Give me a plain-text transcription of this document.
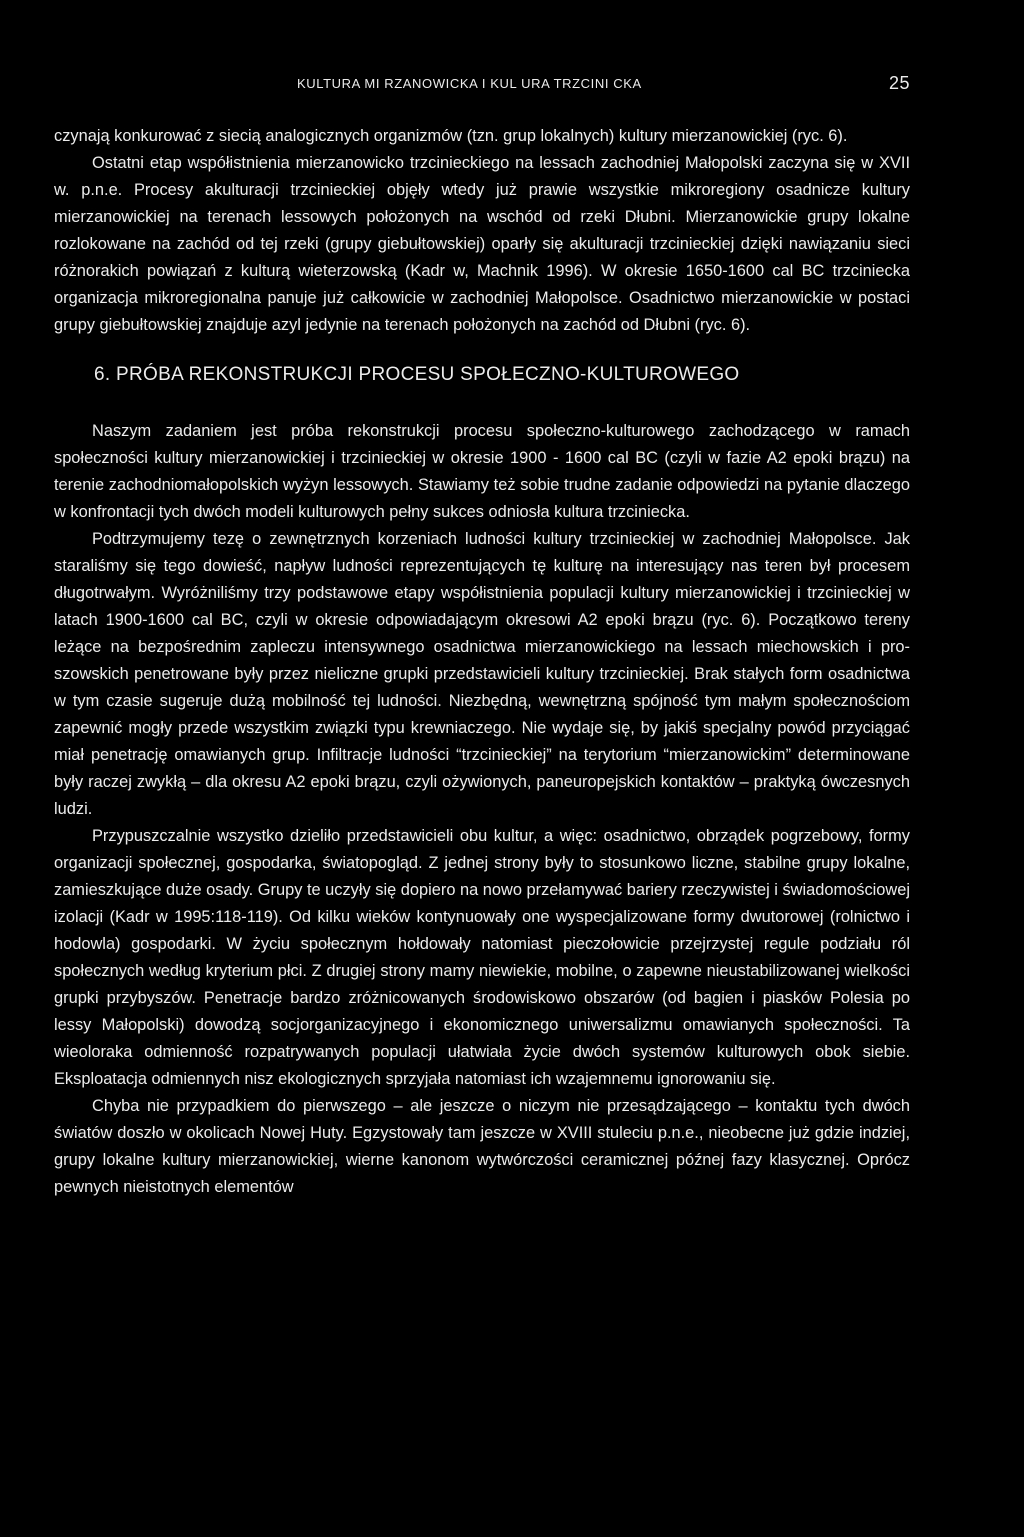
KULTURA MI RZANOWICKA I KUL URA TRZCINI CKA	25

czynają konkurować z siecią analogicznych organizmów (tzn. grup lokalnych) kultury mierzanowickiej (ryc. 6).

Ostatni etap współistnienia mierzanowicko trzcinieckiego na lessach zachodniej Małopolski zaczyna się w XVII w. p.n.e. Procesy akulturacji trzcinieckiej objęły wtedy już prawie wszystkie mikroregiony osadnicze kultury mierzanowickiej na terenach lessowych położonych na wschód od rzeki Dłubni. Mierzanowickie grupy lokalne rozlokowane na zachód od tej rzeki (grupy giebułtowskiej) oparły się akulturacji trzcinieckiej dzięki nawiązaniu sieci różnorakich powiązań z kulturą wieterzowską (Kadr w, Machnik 1996). W okresie 1650-1600 cal BC trzciniecka organizacja mikroregionalna panuje już całkowicie w zachodniej Małopolsce. Osadnictwo mierzanowickie w postaci grupy giebułtowskiej znajduje azyl jedynie na terenach położonych na zachód od Dłubni (ryc. 6).

6. PRÓBA REKONSTRUKCJI PROCESU SPOŁECZNO-KULTUROWEGO

Naszym zadaniem jest próba rekonstrukcji procesu społeczno-kulturowego zachodzącego w ramach społeczności kultury mierzanowickiej i trzcinieckiej w okresie 1900 - 1600 cal BC (czyli w fazie A2 epoki brązu) na terenie zachodniomałopolskich wyżyn lessowych. Stawiamy też sobie trudne zadanie odpowiedzi na pytanie dlaczego w konfrontacji tych dwóch modeli kulturowych pełny sukces odniosła kultura trzciniecka.

Podtrzymujemy tezę o zewnętrznych korzeniach ludności kultury trzcinieckiej w zachodniej Małopolsce. Jak staraliśmy się tego dowieść, napływ ludności reprezentujących tę kulturę na interesujący nas teren był procesem długotrwałym. Wyróżniliśmy trzy podstawowe etapy współistnienia populacji kultury mierzanowickiej i trzcinieckiej w latach 1900-1600 cal BC, czyli w okresie odpowiadającym okresowi A2 epoki brązu (ryc. 6). Początkowo tereny leżące na bezpośrednim zapleczu intensywnego osadnictwa mierzanowickiego na lessach miechowskich i proszowskich penetrowane były przez nieliczne grupki przedstawicieli kultury trzcinieckiej. Brak stałych form osadnictwa w tym czasie sugeruje dużą mobilność tej ludności. Niezbędną, wewnętrzną spójność tym małym społecznościom zapewnić mogły przede wszystkim związki typu krewniaczego. Nie wydaje się, by jakiś specjalny powód przyciągać miał penetrację omawianych grup. Infiltracje ludności “trzcinieckiej” na terytorium “mierzanowickim” determinowane były raczej zwykłą – dla okresu A2 epoki brązu, czyli ożywionych, paneuropejskich kontaktów – praktyką ówczesnych ludzi.

Przypuszczalnie wszystko dzieliło przedstawicieli obu kultur, a więc: osadnictwo, obrządek pogrzebowy, formy organizacji społecznej, gospodarka, światopogląd. Z jednej strony były to stosunkowo liczne, stabilne grupy lokalne, zamieszkujące duże osady. Grupy te uczyły się dopiero na nowo przełamywać bariery rzeczywistej i świadomościowej izolacji (Kadr w 1995:118-119). Od kilku wieków kontynuowały one wyspecjalizowane formy dwutorowej (rolnictwo i hodowla) gospodarki. W życiu społecznym hołdowały natomiast pieczołowicie przejrzystej regule podziału ról społecznych według kryterium płci. Z drugiej strony mamy niewiekie, mobilne, o zapewne nieustabilizowanej wielkości grupki przybyszów. Penetracje bardzo zróżnicowanych środowiskowo obszarów (od bagien i piasków Polesia po lessy Małopolski) dowodzą socjorganizacyjnego i ekonomicznego uniwersalizmu omawianych społeczności. Ta wieoloraka odmienność rozpatrywanych populacji ułatwiała życie dwóch systemów kulturowych obok siebie. Eksploatacja odmiennych nisz ekologicznych sprzyjała natomiast ich wzajemnemu ignorowaniu się.

Chyba nie przypadkiem do pierwszego – ale jeszcze o niczym nie przesądzającego – kontaktu tych dwóch światów doszło w okolicach Nowej Huty. Egzystowały tam jeszcze w XVIII stuleciu p.n.e., nieobecne już gdzie indziej, grupy lokalne kultury mierzanowickiej, wierne kanonom wytwórczości ceramicznej późnej fazy klasycznej. Oprócz pewnych nieistotnych elementów
